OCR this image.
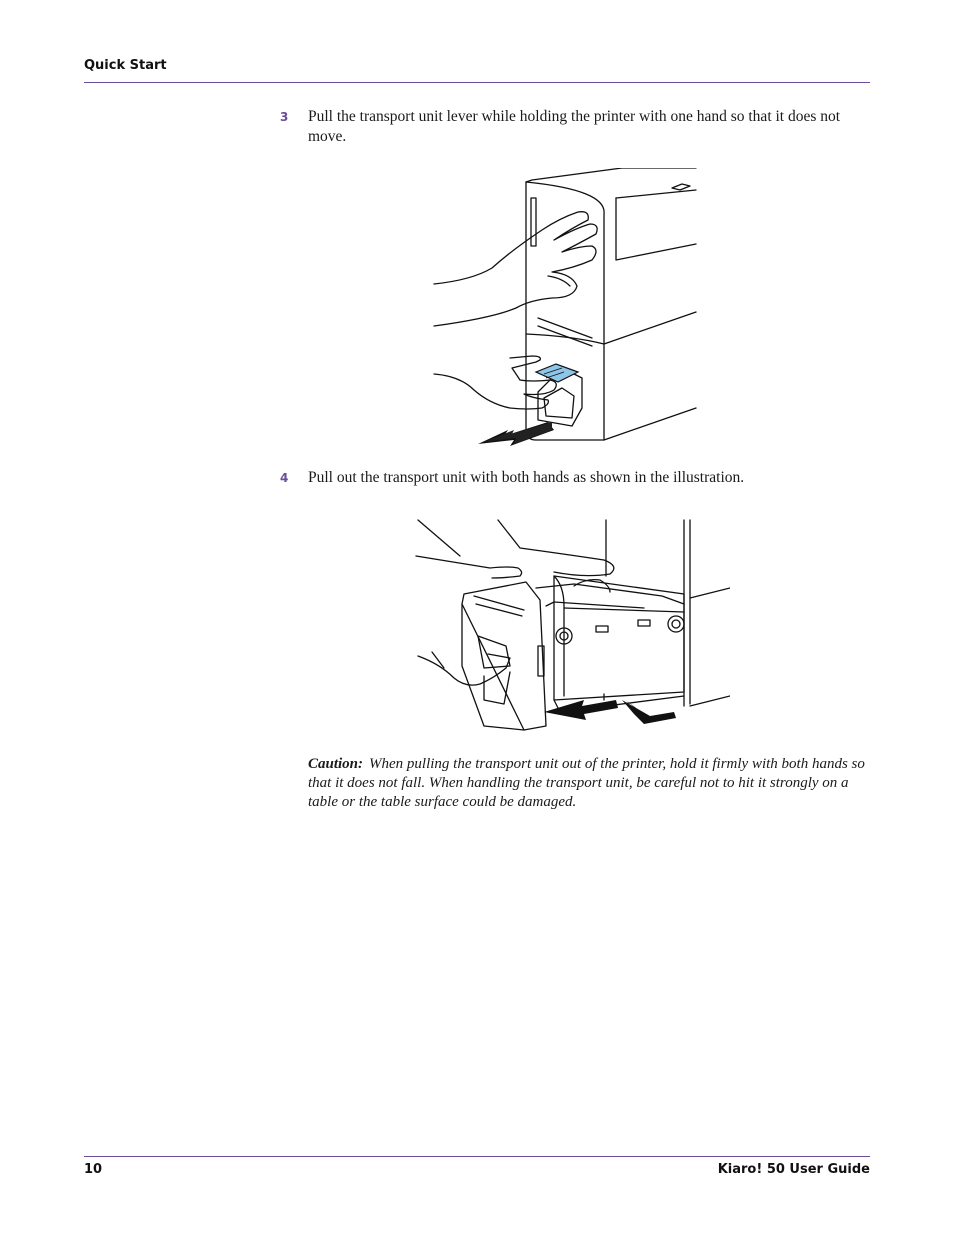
Quick Start
3	Pull the transport unit lever while holding the printer with one hand so that it does not move.
4	Pull out the transport unit with both hands as shown in the illustration.
Caution: When pulling the transport unit out of the printer, hold it firmly with both hands so that it does not fall. When handling the transport unit, be careful not to hit it strongly on a table or the table surface could be damaged.
10	Kiaro! 50 User Guide
